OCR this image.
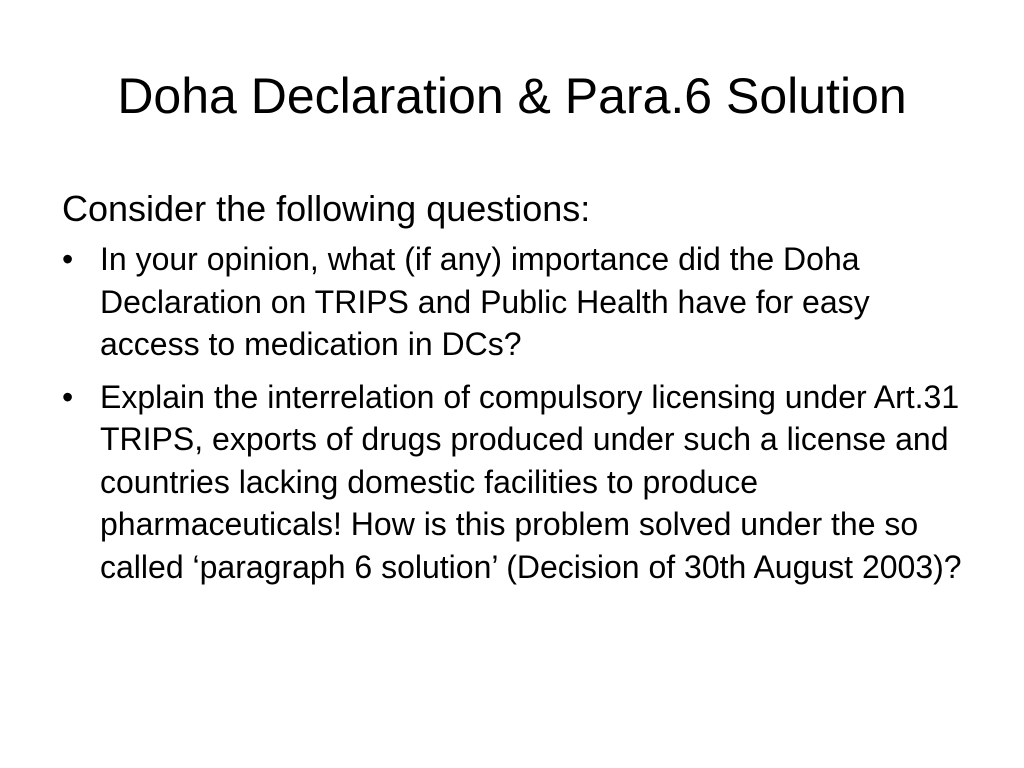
Doha Declaration & Para.6 Solution

Consider the following questions:

• In your opinion, what (if any) importance did the Doha Declaration on TRIPS and Public Health have for easy access to medication in DCs?
• Explain the interrelation of compulsory licensing under Art.31 TRIPS, exports of drugs produced under such a license and countries lacking domestic facilities to produce pharmaceuticals! How is this problem solved under the so called ‘paragraph 6 solution’ (Decision of 30th August 2003)?
